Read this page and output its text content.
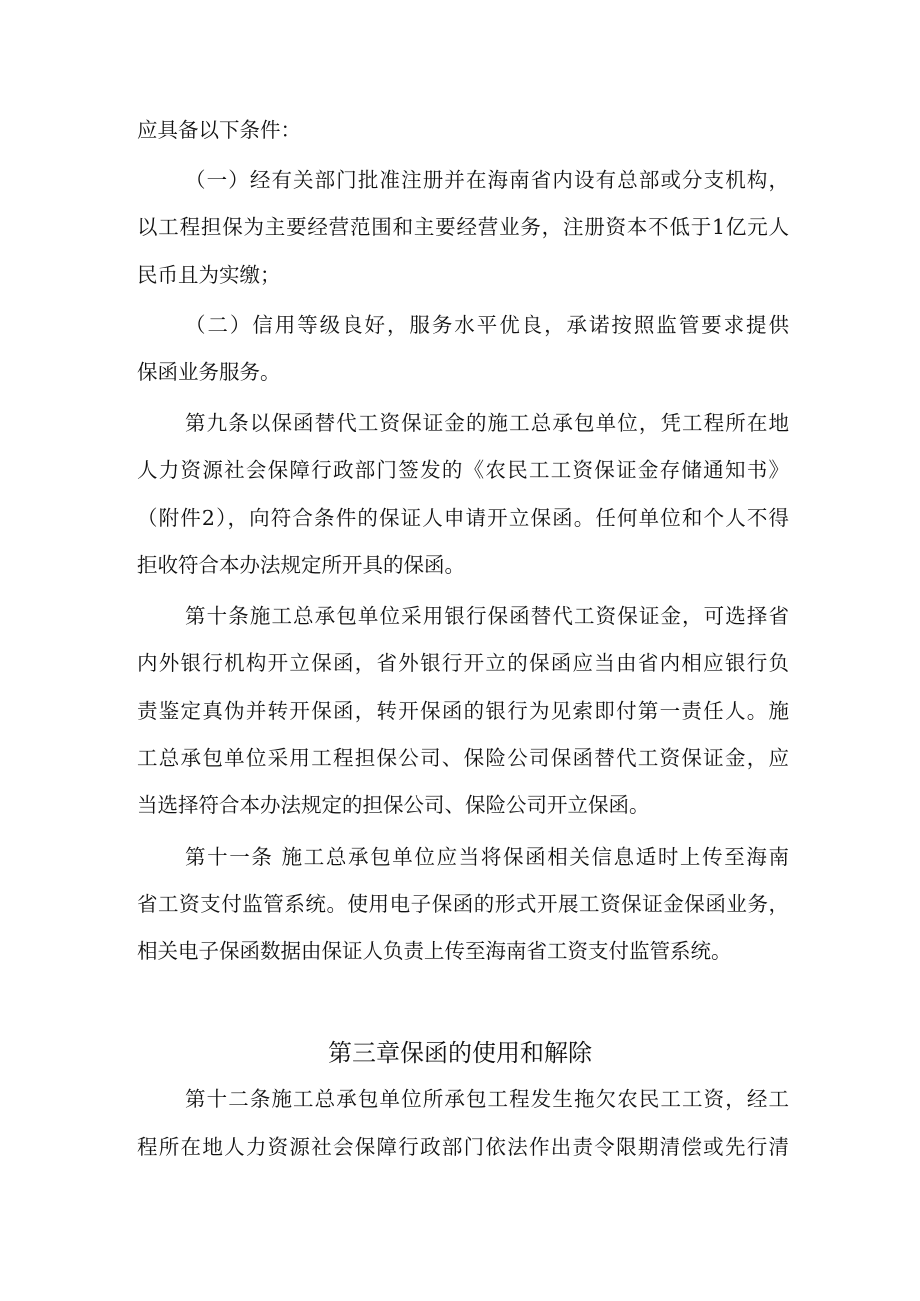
应具备以下条件：
（一）经有关部门批准注册并在海南省内设有总部或分支机构，
以工程担保为主要经营范围和主要经营业务，注册资本不低于1亿元人
民币且为实缴；
（二）信用等级良好，服务水平优良，承诺按照监管要求提供
保函业务服务。
第九条以保函替代工资保证金的施工总承包单位，凭工程所在地
人力资源社会保障行政部门签发的《农民工工资保证金存储通知书》
（附件2），向符合条件的保证人申请开立保函。任何单位和个人不得
拒收符合本办法规定所开具的保函。
第十条施工总承包单位采用银行保函替代工资保证金，可选择省
内外银行机构开立保函，省外银行开立的保函应当由省内相应银行负
责鉴定真伪并转开保函，转开保函的银行为见索即付第一责任人。施
工总承包单位采用工程担保公司、保险公司保函替代工资保证金，应
当选择符合本办法规定的担保公司、保险公司开立保函。
第十一条 施工总承包单位应当将保函相关信息适时上传至海南
省工资支付监管系统。使用电子保函的形式开展工资保证金保函业务，
相关电子保函数据由保证人负责上传至海南省工资支付监管系统。
第三章保函的使用和解除
第十二条施工总承包单位所承包工程发生拖欠农民工工资，经工
程所在地人力资源社会保障行政部门依法作出责令限期清偿或先行清
